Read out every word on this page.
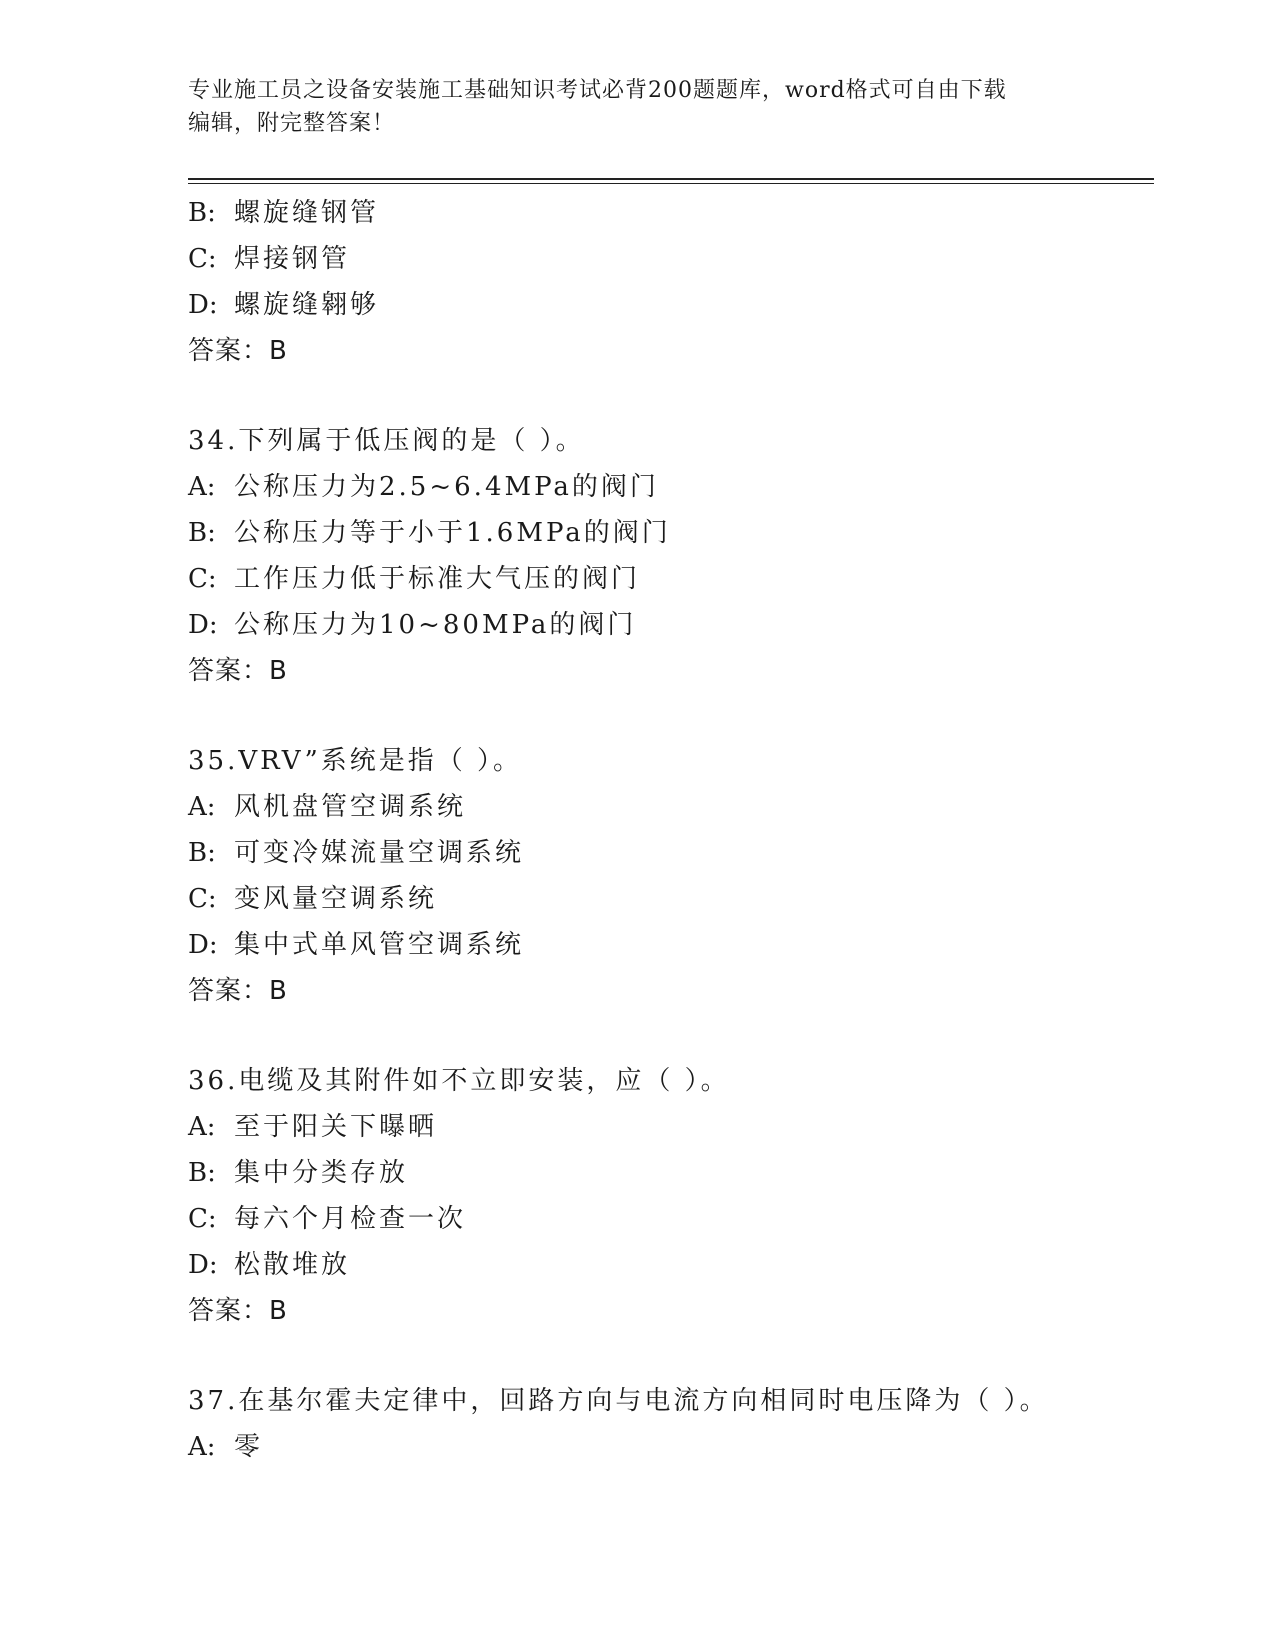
专业施工员之设备安装施工基础知识考试必背200题题库，word格式可自由下载
编辑，附完整答案！
B: 螺旋缝钢管
C: 焊接钢管
D: 螺旋缝翱够
答案：B
34.下列属于低压阀的是（ ）。
A: 公称压力为2.5~6.4MPa的阀门
B: 公称压力等于小于1.6MPa的阀门
C: 工作压力低于标准大气压的阀门
D: 公称压力为10~80MPa的阀门
答案：B
35.VRV”系统是指（ ）。
A: 风机盘管空调系统
B: 可变冷媒流量空调系统
C: 变风量空调系统
D: 集中式单风管空调系统
答案：B
36.电缆及其附件如不立即安装，应（ ）。
A: 至于阳关下曝晒
B: 集中分类存放
C: 每六个月检查一次
D: 松散堆放
答案：B
37.在基尔霍夫定律中，回路方向与电流方向相同时电压降为（ ）。
A: 零
